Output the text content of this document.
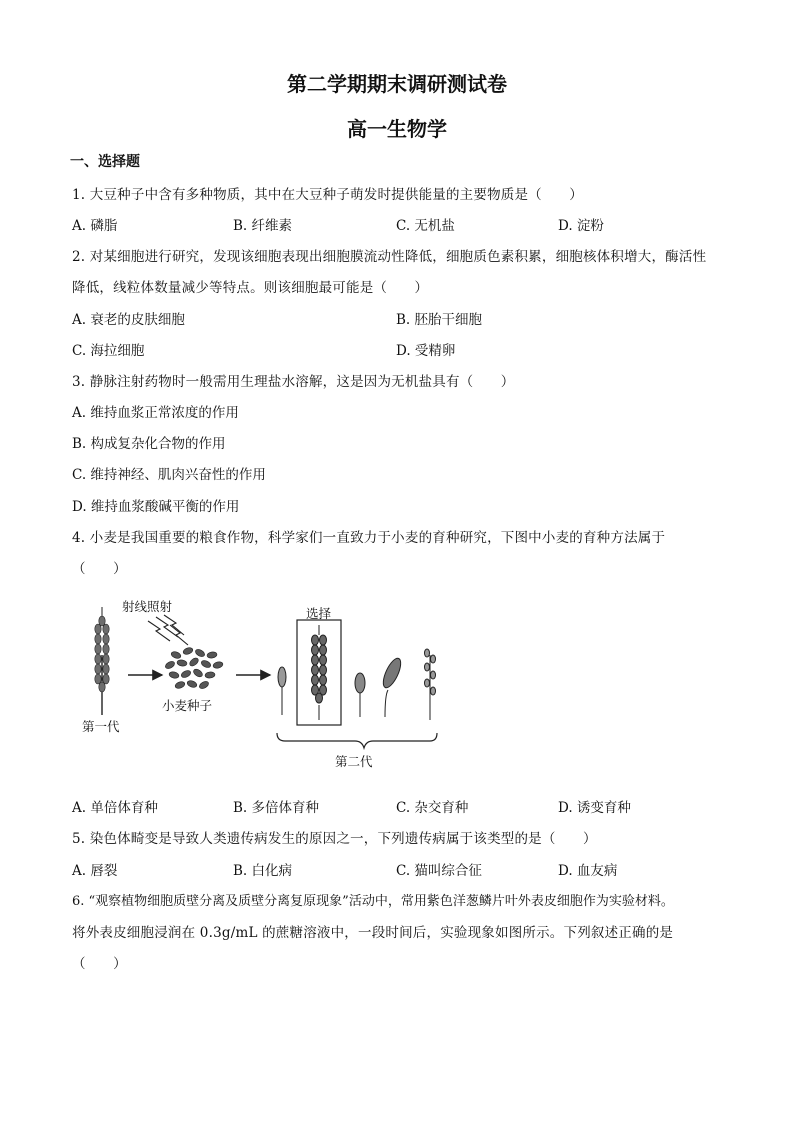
第二学期期末调研测试卷
高一生物学
一、选择题
1. 大豆种子中含有多种物质，其中在大豆种子萌发时提供能量的主要物质是（　　）
A. 磷脂	B. 纤维素	C. 无机盐	D. 淀粉
2. 对某细胞进行研究，发现该细胞表现出细胞膜流动性降低，细胞质色素积累，细胞核体积增大，酶活性
降低，线粒体数量减少等特点。则该细胞最可能是（　　）
A. 衰老的皮肤细胞	B. 胚胎干细胞
C. 海拉细胞	D. 受精卵
3. 静脉注射药物时一般需用生理盐水溶解，这是因为无机盐具有（　　）
A. 维持血浆正常浓度的作用
B. 构成复杂化合物的作用
C. 维持神经、肌肉兴奋性的作用
D. 维持血浆酸碱平衡的作用
4. 小麦是我国重要的粮食作物，科学家们一直致力于小麦的育种研究，下图中小麦的育种方法属于
（　　）
射线照射	选择
小麦种子
第一代
第二代
A. 单倍体育种	B. 多倍体育种	C. 杂交育种	D. 诱变育种
5. 染色体畸变是导致人类遗传病发生的原因之一，下列遗传病属于该类型的是（　　）
A. 唇裂	B. 白化病	C. 猫叫综合征	D. 血友病
6. “观察植物细胞质壁分离及质壁分离复原现象”活动中，常用紫色洋葱鳞片叶外表皮细胞作为实验材料。
将外表皮细胞浸润在 0.3g/mL 的蔗糖溶液中，一段时间后，实验现象如图所示。下列叙述正确的是
（　　）
